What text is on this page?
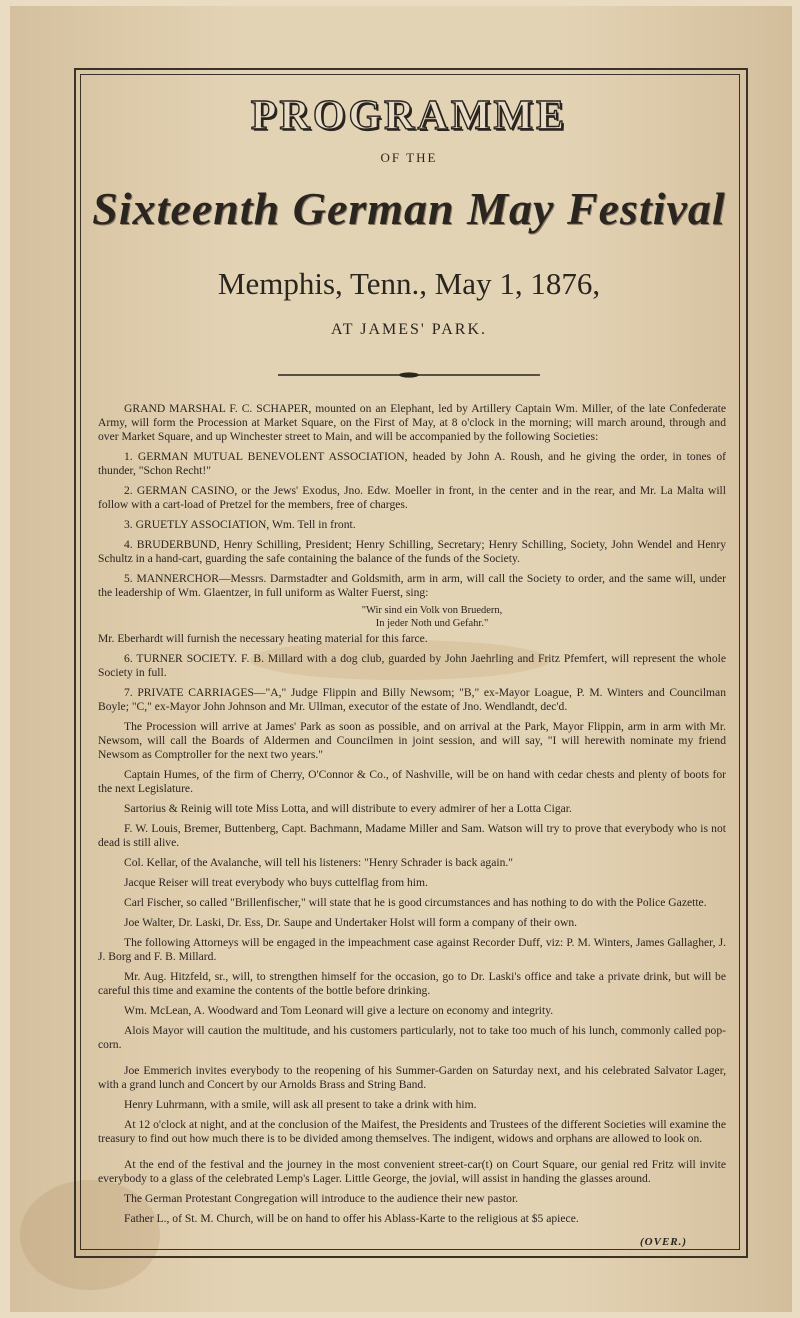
PROGRAMME
OF THE
Sixteenth German May Festival
Memphis, Tenn., May 1, 1876,
AT JAMES' PARK.

GRAND MARSHAL F. C. SCHAPER, mounted on an Elephant, led by Artillery Captain Wm. Miller, of the late Confederate Army, will form the Procession at Market Square, on the First of May, at 8 o'clock in the morning; will march around, through and over Market Square, and up Winchester street to Main, and will be accompanied by the following Societies:

1. GERMAN MUTUAL BENEVOLENT ASSOCIATION, headed by John A. Roush, and he giving the order, in tones of thunder, "Schon Recht!"

2. GERMAN CASINO, or the Jews' Exodus, Jno. Edw. Moeller in front, in the center and in the rear, and Mr. La Malta will follow with a cart-load of Pretzel for the members, free of charges.

3. GRUETLY ASSOCIATION, Wm. Tell in front.

4. BRUDERBUND, Henry Schilling, President; Henry Schilling, Secretary; Henry Schilling, Society, John Wendel and Henry Schultz in a hand-cart, guarding the safe containing the balance of the funds of the Society.

5. MANNERCHOR—Messrs. Darmstadter and Goldsmith, arm in arm, will call the Society to order, and the same will, under the leadership of Wm. Glaentzer, in full uniform as Walter Fuerst, sing:

"Wir sind ein Volk von Bruedern,
In jeder Noth und Gefahr."

Mr. Eberhardt will furnish the necessary heating material for this farce.

6. TURNER SOCIETY. F. B. Millard with a dog club, guarded by John Jaehrling and Fritz Pfemfert, will represent the whole Society in full.

7. PRIVATE CARRIAGES—"A," Judge Flippin and Billy Newsom; "B," ex-Mayor Loague, P. M. Winters and Councilman Boyle; "C," ex-Mayor John Johnson and Mr. Ullman, executor of the estate of Jno. Wendlandt, dec'd.

The Procession will arrive at James' Park as soon as possible, and on arrival at the Park, Mayor Flippin, arm in arm with Mr. Newsom, will call the Boards of Aldermen and Councilmen in joint session, and will say, "I will herewith nominate my friend Newsom as Comptroller for the next two years."

Captain Humes, of the firm of Cherry, O'Connor & Co., of Nashville, will be on hand with cedar chests and plenty of boots for the next Legislature.

Sartorius & Reinig will tote Miss Lotta, and will distribute to every admirer of her a Lotta Cigar.

F. W. Louis, Bremer, Buttenberg, Capt. Bachmann, Madame Miller and Sam. Watson will try to prove that everybody who is not dead is still alive.

Col. Kellar, of the Avalanche, will tell his listeners: "Henry Schrader is back again."

Jacque Reiser will treat everybody who buys cuttelflag from him.

Carl Fischer, so called "Brillenfischer," will state that he is good circumstances and has nothing to do with the Police Gazette.

Joe Walter, Dr. Laski, Dr. Ess, Dr. Saupe and Undertaker Holst will form a company of their own.

The following Attorneys will be engaged in the impeachment case against Recorder Duff, viz: P. M. Winters, James Gallagher, J. J. Borg and F. B. Millard.

Mr. Aug. Hitzfeld, sr., will, to strengthen himself for the occasion, go to Dr. Laski's office and take a private drink, but will be careful this time and examine the contents of the bottle before drinking.

Wm. McLean, A. Woodward and Tom Leonard will give a lecture on economy and integrity.

Alois Mayor will caution the multitude, and his customers particularly, not to take too much of his lunch, commonly called pop-corn.

Joe Emmerich invites everybody to the reopening of his Summer-Garden on Saturday next, and his celebrated Salvator Lager, with a grand lunch and Concert by our Arnolds Brass and String Band.

Henry Luhrmann, with a smile, will ask all present to take a drink with him.

At 12 o'clock at night, and at the conclusion of the Maifest, the Presidents and Trustees of the different Societies will examine the treasury to find out how much there is to be divided among themselves. The indigent, widows and orphans are allowed to look on.

At the end of the festival and the journey in the most convenient street-car(t) on Court Square, our genial red Fritz will invite everybody to a glass of the celebrated Lemp's Lager. Little George, the jovial, will assist in handing the glasses around.

The German Protestant Congregation will introduce to the audience their new pastor.

Father L., of St. M. Church, will be on hand to offer his Ablass-Karte to the religious at $5 apiece.

(OVER.)
